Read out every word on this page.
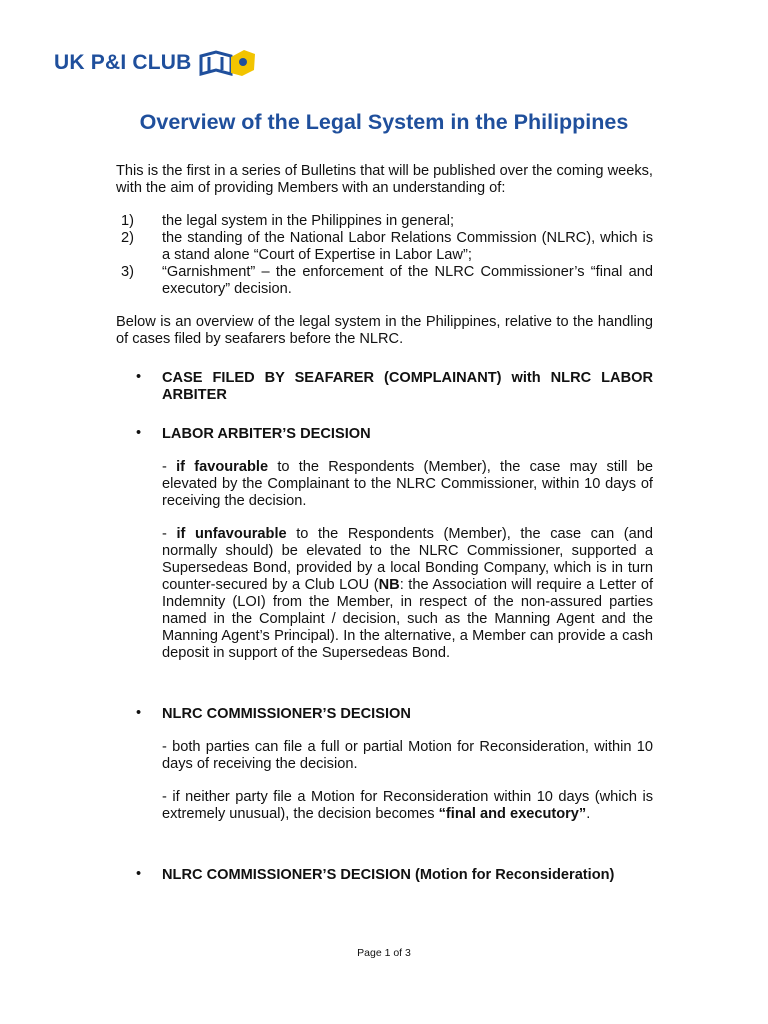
UK P&I CLUB
Overview of the Legal System in the Philippines

This is the first in a series of Bulletins that will be published over the coming weeks, with the aim of providing Members with an understanding of:

1) the legal system in the Philippines in general;
2) the standing of the National Labor Relations Commission (NLRC), which is a stand alone “Court of Expertise in Labor Law”;
3) “Garnishment” – the enforcement of the NLRC Commissioner’s “final and executory” decision.

Below is an overview of the legal system in the Philippines, relative to the handling of cases filed by seafarers before the NLRC.

• CASE FILED BY SEAFARER (COMPLAINANT) with NLRC LABOR ARBITER
• LABOR ARBITER’S DECISION

- if favourable to the Respondents (Member), the case may still be elevated by the Complainant to the NLRC Commissioner, within 10 days of receiving the decision.

- if unfavourable to the Respondents (Member), the case can (and normally should) be elevated to the NLRC Commissioner, supported a Supersedeas Bond, provided by a local Bonding Company, which is in turn counter-secured by a Club LOU (NB: the Association will require a Letter of Indemnity (LOI) from the Member, in respect of the non-assured parties named in the Complaint / decision, such as the Manning Agent and the Manning Agent’s Principal). In the alternative, a Member can provide a cash deposit in support of the Supersedeas Bond.

• NLRC COMMISSIONER’S DECISION

- both parties can file a full or partial Motion for Reconsideration, within 10 days of receiving the decision.

- if neither party file a Motion for Reconsideration within 10 days (which is extremely unusual), the decision becomes “final and executory”.

• NLRC COMMISSIONER’S DECISION (Motion for Reconsideration)
Page 1 of 3
